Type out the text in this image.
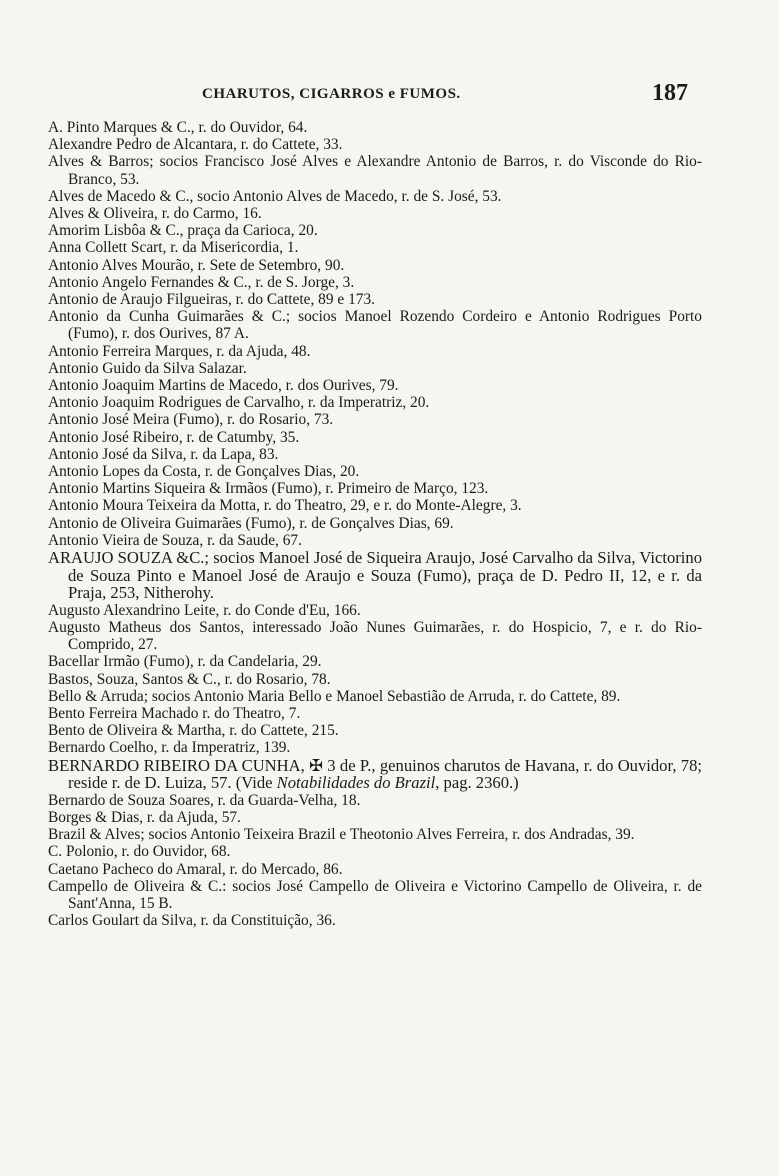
CHARUTOS, CIGARROS e FUMOS.	187
A. Pinto Marques & C., r. do Ouvidor, 64.
Alexandre Pedro de Alcantara, r. do Cattete, 33.
Alves & Barros; socios Francisco José Alves e Alexandre Antonio de Barros, r. do Visconde do Rio-Branco, 53.
Alves de Macedo & C., socio Antonio Alves de Macedo, r. de S. José, 53.
Alves & Oliveira, r. do Carmo, 16.
Amorim Lisbôa & C., praça da Carioca, 20.
Anna Collett Scart, r. da Misericordia, 1.
Antonio Alves Mourão, r. Sete de Setembro, 90.
Antonio Angelo Fernandes & C., r. de S. Jorge, 3.
Antonio de Araujo Filgueiras, r. do Cattete, 89 e 173.
Antonio da Cunha Guimarães & C.; socios Manoel Rozendo Cordeiro e Antonio Rodrigues Porto (Fumo), r. dos Ourives, 87 A.
Antonio Ferreira Marques, r. da Ajuda, 48.
Antonio Guido da Silva Salazar.
Antonio Joaquim Martins de Macedo, r. dos Ourives, 79.
Antonio Joaquim Rodrigues de Carvalho, r. da Imperatriz, 20.
Antonio José Meira (Fumo), r. do Rosario, 73.
Antonio José Ribeiro, r. de Catumby, 35.
Antonio José da Silva, r. da Lapa, 83.
Antonio Lopes da Costa, r. de Gonçalves Dias, 20.
Antonio Martins Siqueira & Irmãos (Fumo), r. Primeiro de Março, 123.
Antonio Moura Teixeira da Motta, r. do Theatro, 29, e r. do Monte-Alegre, 3.
Antonio de Oliveira Guimarães (Fumo), r. de Gonçalves Dias, 69.
Antonio Vieira de Souza, r. da Saude, 67.
ARAUJO SOUZA &C.; socios Manoel José de Siqueira Araujo, José Carvalho da Silva, Victorino de Souza Pinto e Manoel José de Araujo e Souza (Fumo), praça de D. Pedro II, 12, e r. da Praja, 253, Nitherohy.
Augusto Alexandrino Leite, r. do Conde d'Eu, 166.
Augusto Matheus dos Santos, interessado João Nunes Guimarães, r. do Hospicio, 7, e r. do Rio-Comprido, 27.
Bacellar Irmão (Fumo), r. da Candelaria, 29.
Bastos, Souza, Santos & C., r. do Rosario, 78.
Bello & Arruda; socios Antonio Maria Bello e Manoel Sebastião de Arruda, r. do Cattete, 89.
Bento Ferreira Machado r. do Theatro, 7.
Bento de Oliveira & Martha, r. do Cattete, 215.
Bernardo Coelho, r. da Imperatriz, 139.
BERNARDO RIBEIRO DA CUNHA, ✠ 3 de P., genuinos charutos de Havana, r. do Ouvidor, 78; reside r. de D. Luiza, 57. (Vide Notabilidades do Brazil, pag. 2360.)
Bernardo de Souza Soares, r. da Guarda-Velha, 18.
Borges & Dias, r. da Ajuda, 57.
Brazil & Alves; socios Antonio Teixeira Brazil e Theotonio Alves Ferreira, r. dos Andradas, 39.
C. Polonio, r. do Ouvidor, 68.
Caetano Pacheco do Amaral, r. do Mercado, 86.
Campello de Oliveira & C.: socios José Campello de Oliveira e Victorino Campello de Oliveira, r. de Sant'Anna, 15 B.
Carlos Goulart da Silva, r. da Constituição, 36.
